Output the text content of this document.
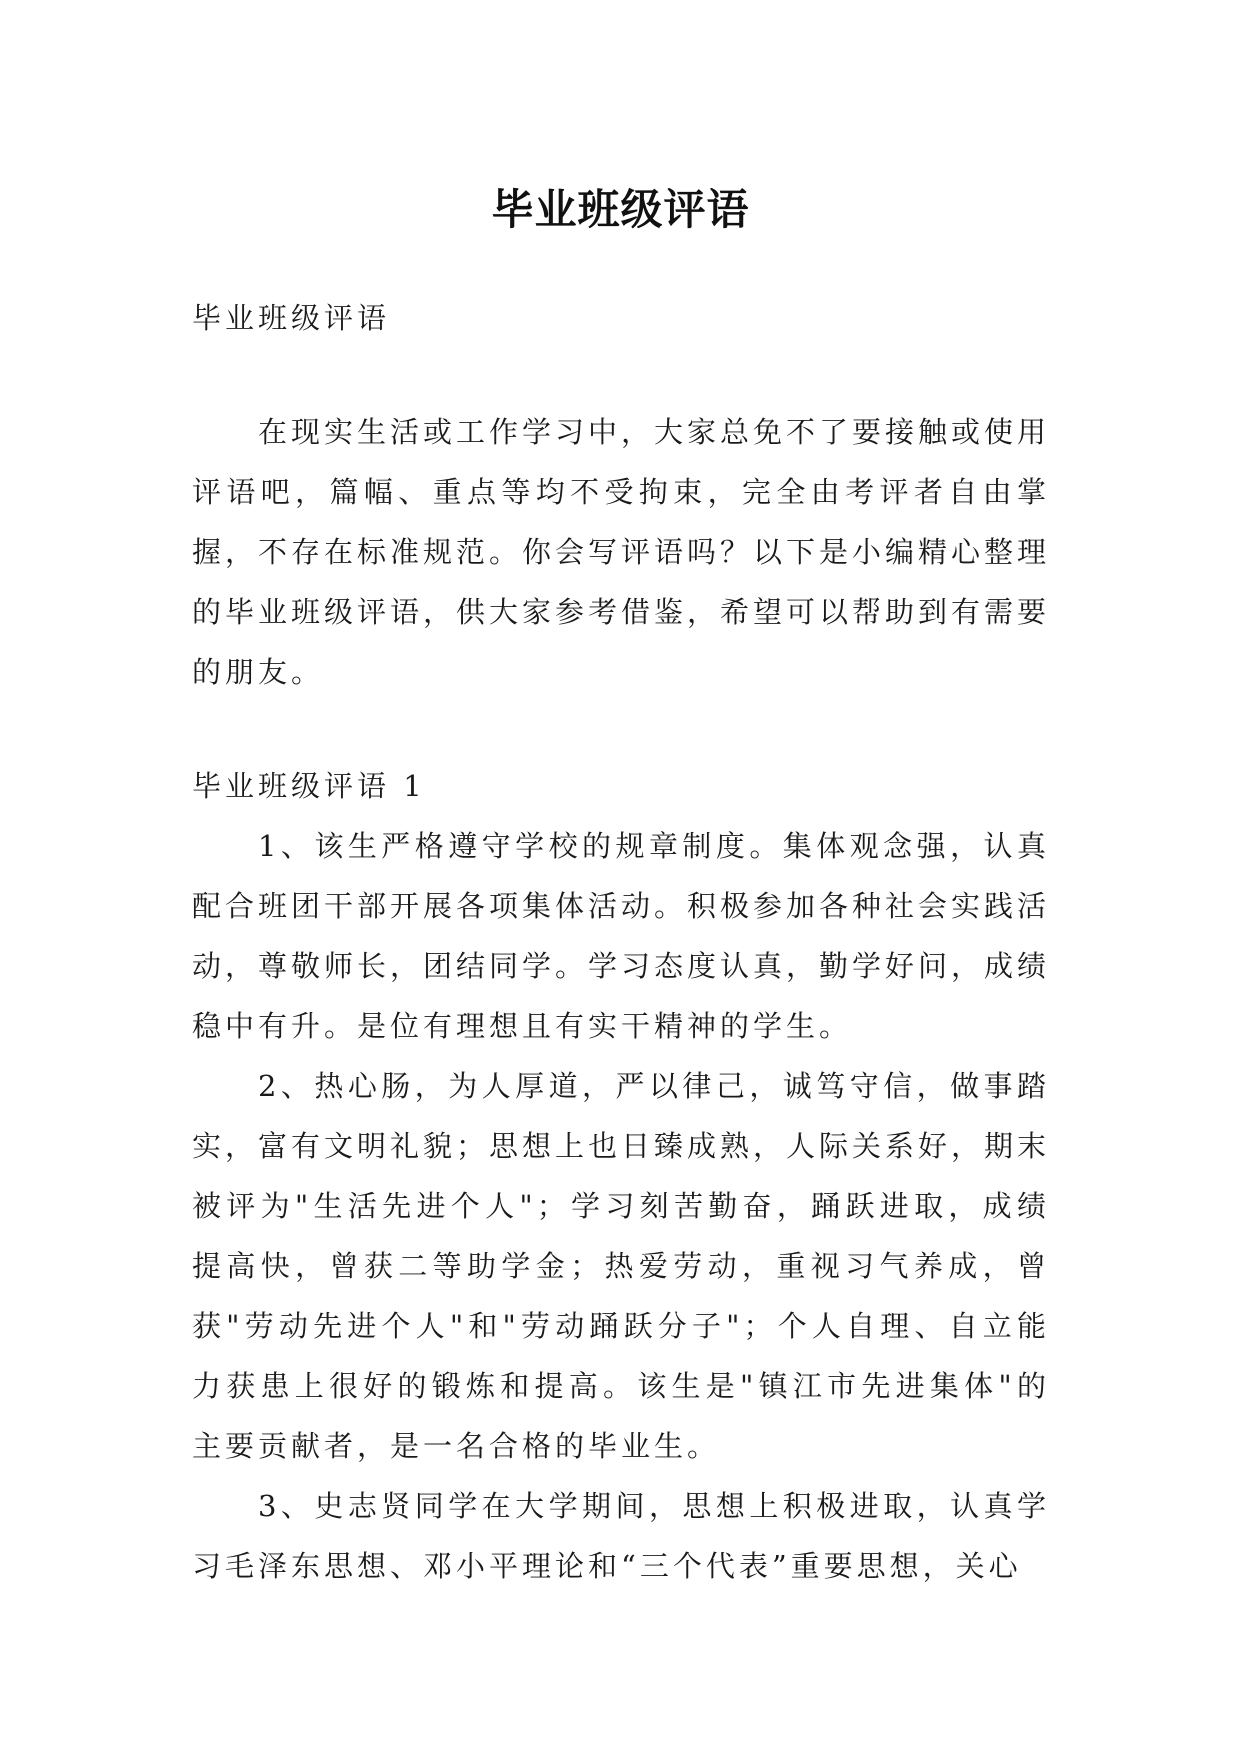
毕业班级评语

毕业班级评语

在现实生活或工作学习中，大家总免不了要接触或使用评语吧，篇幅、重点等均不受拘束，完全由考评者自由掌握，不存在标准规范。你会写评语吗？以下是小编精心整理的毕业班级评语，供大家参考借鉴，希望可以帮助到有需要的朋友。

毕业班级评语 1

1、该生严格遵守学校的规章制度。集体观念强，认真配合班团干部开展各项集体活动。积极参加各种社会实践活动，尊敬师长，团结同学。学习态度认真，勤学好问，成绩稳中有升。是位有理想且有实干精神的学生。

2、热心肠，为人厚道，严以律己，诚笃守信，做事踏实，富有文明礼貌；思想上也日臻成熟，人际关系好，期末被评为"生活先进个人"；学习刻苦勤奋，踊跃进取，成绩提高快，曾获二等助学金；热爱劳动，重视习气养成，曾获"劳动先进个人"和"劳动踊跃分子"；个人自理、自立能力获患上很好的锻炼和提高。该生是"镇江市先进集体"的主要贡献者，是一名合格的毕业生。

3、史志贤同学在大学期间，思想上积极进取，认真学习毛泽东思想、邓小平理论和“三个代表”重要思想，关心
